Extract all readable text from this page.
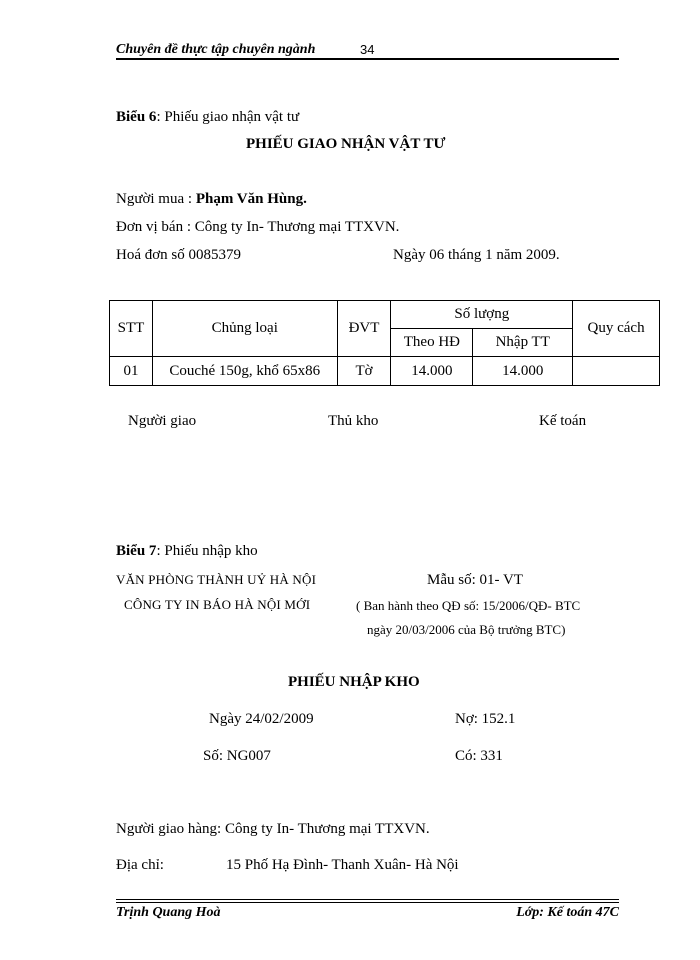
Chuyên đề thực tập chuyên ngành	34
Biểu 6: Phiếu giao nhận vật tư
PHIẾU GIAO NHẬN VẬT TƯ
Người mua : Phạm Văn Hùng.
Đơn vị bán : Công ty In- Thương mại TTXVN.
Hoá đơn số 0085379	Ngày 06 tháng 1 năm 2009.
STT	Chủng loại	ĐVT	Số lượng		Quy cách
			Theo HĐ	Nhập TT	
01	Couché 150g, khổ 65x86	Tờ	14.000	14.000	
Người giao	Thủ kho	Kế toán
Biểu 7: Phiếu nhập kho
VĂN PHÒNG THÀNH UỶ HÀ NỘI
CÔNG TY IN BÁO HÀ NỘI MỚI
Mẫu số: 01- VT
( Ban hành theo QĐ số: 15/2006/QĐ- BTC
ngày 20/03/2006 của Bộ trưởng BTC)
PHIẾU NHẬP KHO
Ngày 24/02/2009	Nợ: 152.1
Số: NG007	Có: 331
Người giao hàng: Công ty In- Thương mại TTXVN.
Địa chỉ:	15 Phố Hạ Đình- Thanh Xuân- Hà Nội
Trịnh Quang Hoà	Lớp: Kế toán 47C
